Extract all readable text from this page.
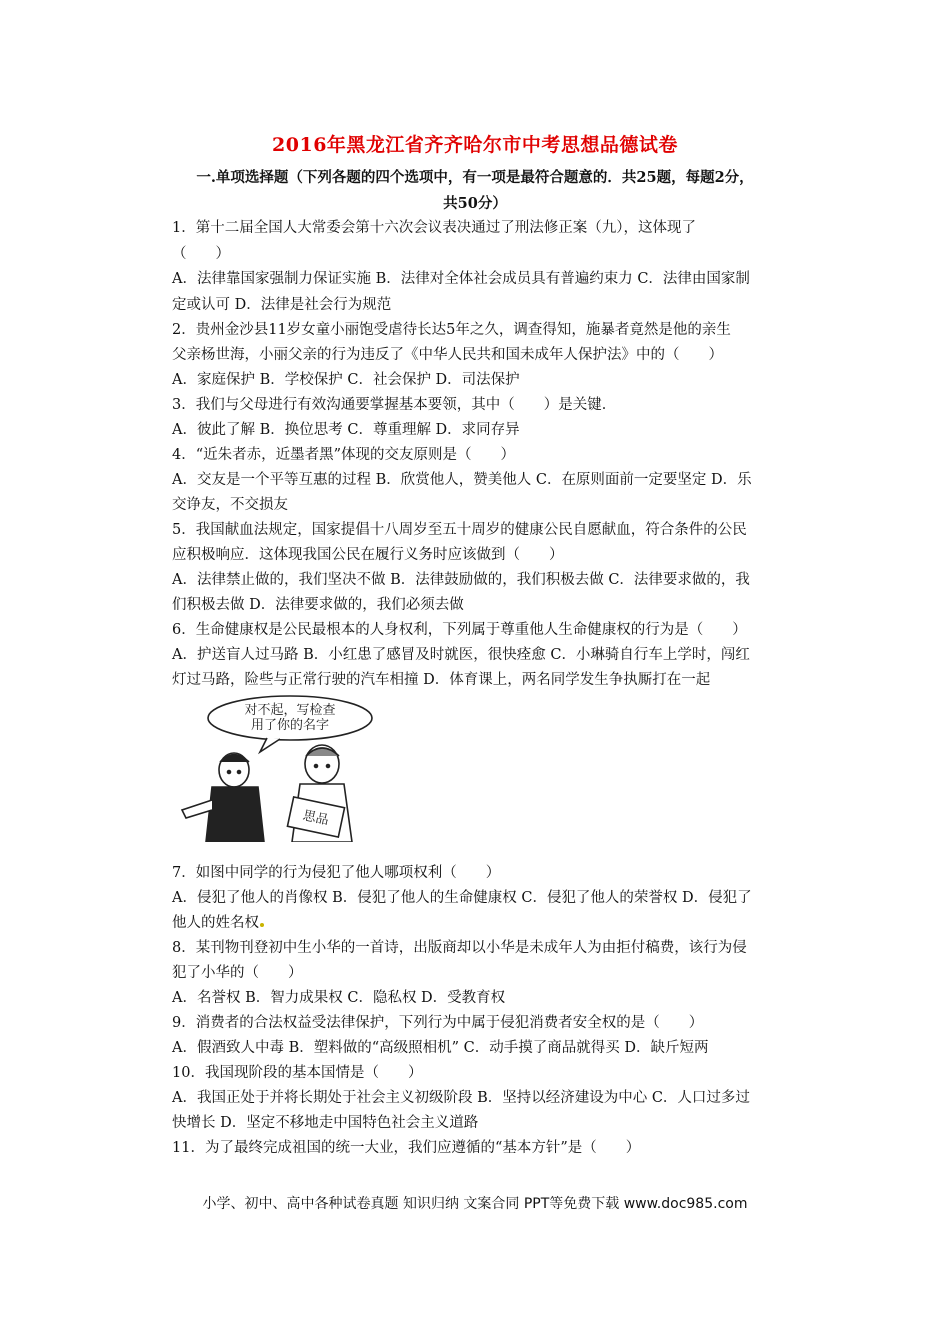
2016年黑龙江省齐齐哈尔市中考思想品德试卷
一.单项选择题（下列各题的四个选项中，有一项是最符合题意的．共25题，每题2分，
共50分）
1．第十二届全国人大常委会第十六次会议表决通过了刑法修正案（九），这体现了
（　　）
A．法律靠国家强制力保证实施 B．法律对全体社会成员具有普遍约束力 C．法律由国家制
定或认可 D．法律是社会行为规范
2．贵州金沙县11岁女童小丽饱受虐待长达5年之久，调查得知，施暴者竟然是他的亲生
父亲杨世海，小丽父亲的行为违反了《中华人民共和国未成年人保护法》中的（　　）
A．家庭保护 B．学校保护 C．社会保护 D．司法保护
3．我们与父母进行有效沟通要掌握基本要领，其中（　　）是关键．
A．彼此了解 B．换位思考 C．尊重理解 D．求同存异
4．“近朱者赤，近墨者黑”体现的交友原则是（　　）
A．交友是一个平等互惠的过程 B．欣赏他人，赞美他人 C．在原则面前一定要坚定 D．乐
交诤友，不交损友
5．我国献血法规定，国家提倡十八周岁至五十周岁的健康公民自愿献血，符合条件的公民
应积极响应．这体现我国公民在履行义务时应该做到（　　）
A．法律禁止做的，我们坚决不做 B．法律鼓励做的，我们积极去做 C．法律要求做的，我
们积极去做 D．法律要求做的，我们必须去做
6．生命健康权是公民最根本的人身权利，下列属于尊重他人生命健康权的行为是（　　）
A．护送盲人过马路 B．小红患了感冒及时就医，很快痊愈 C．小琳骑自行车上学时，闯红
灯过马路，险些与正常行驶的汽车相撞 D．体育课上，两名同学发生争执厮打在一起
对不起，写检查
用了你的名字
思品
7．如图中同学的行为侵犯了他人哪项权利（　　）
A．侵犯了他人的肖像权 B．侵犯了他人的生命健康权 C．侵犯了他人的荣誉权 D．侵犯了
他人的姓名权
8．某刊物刊登初中生小华的一首诗，出版商却以小华是未成年人为由拒付稿费，该行为侵
犯了小华的（　　）
A．名誉权 B．智力成果权 C．隐私权 D．受教育权
9．消费者的合法权益受法律保护，下列行为中属于侵犯消费者安全权的是（　　）
A．假酒致人中毒 B．塑料做的“高级照相机” C．动手摸了商品就得买 D．缺斤短两
10．我国现阶段的基本国情是（　　）
A．我国正处于并将长期处于社会主义初级阶段 B．坚持以经济建设为中心 C．人口过多过
快增长 D．坚定不移地走中国特色社会主义道路
11．为了最终完成祖国的统一大业，我们应遵循的“基本方针”是（　　）
小学、初中、高中各种试卷真题 知识归纳 文案合同 PPT等免费下载 www.doc985.com
